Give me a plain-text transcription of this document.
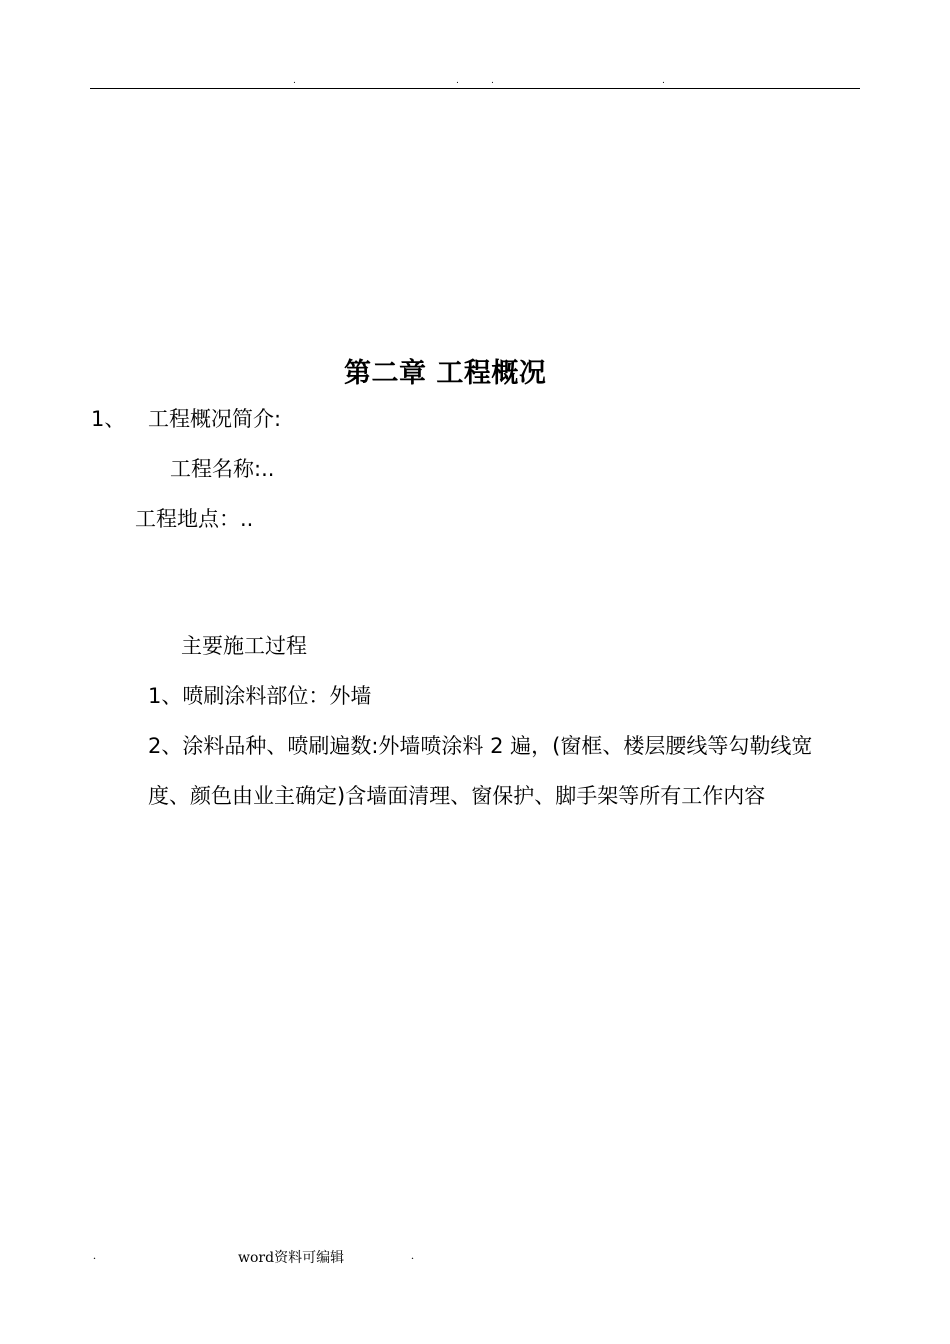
.	.	.	.
第二章 工程概况
1、 工程概况简介:
工程名称:..
工程地点：..
主要施工过程
1、喷刷涂料部位：外墙
2、涂料品种、喷刷遍数:外墙喷涂料 2 遍，(窗框、楼层腰线等勾勒线宽
度、颜色由业主确定)含墙面清理、窗保护、脚手架等所有工作内容
.	word资料可编辑	.
